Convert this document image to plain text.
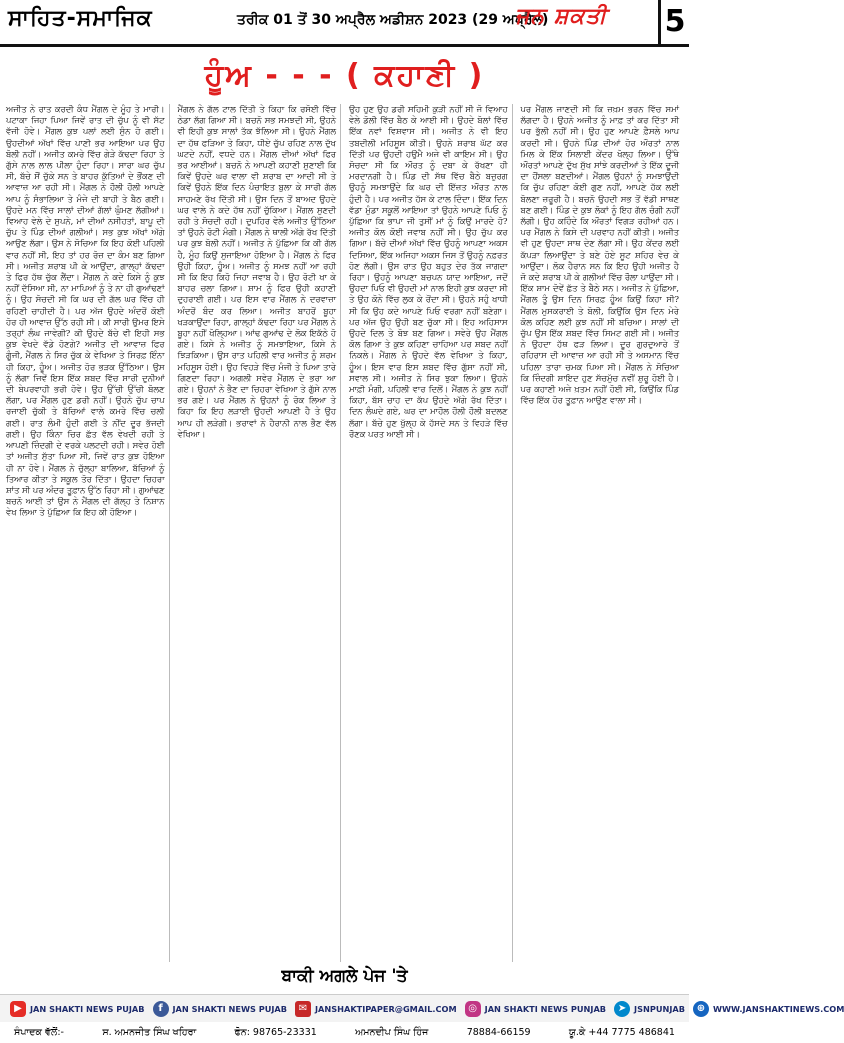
ਸਾਹਿਤ-ਸਮਾਜਿਕ	ਤਰੀਕ 01 ਤੋਂ 30 ਅਪ੍ਰੈਲ ਅਡੀਸ਼ਨ 2023 (29 ਅਪ੍ਰੈਲ)
ਜਨ ਸ਼ਕਤੀ 5
ਹੂੰਅ - - - ( ਕਹਾਣੀ )

ਅਜੀਤ ਨੇ ਰਾਤ ਕਰਦੀ ਕੰਧ ਮੈਂਗਲ ਦੇ ਮੂੰਹ ਤੇ ਮਾਰੀ। ਪਟਾਕਾ ਜਿਹਾ ਪਿਆ ਜਿਵੇਂ ਰਾਤ ਦੀ ਚੁੱਪ ਨੂੰ ਵੀ ਸੱਟ ਵੱਜੀ ਹੋਵੇ। ਮੈਂਗਲ ਕੁਝ ਪਲਾਂ ਲਈ ਸੁੰਨ ਹੋ ਗਈ। ਉਹਦੀਆਂ ਅੱਖਾਂ ਵਿੱਚ ਪਾਣੀ ਭਰ ਆਇਆ ਪਰ ਉਹ ਬੋਲੀ ਨਹੀਂ। ਅਜੀਤ ਕਮਰੇ ਵਿੱਚ ਗੇੜੇ ਕੱਢਦਾ ਰਿਹਾ ਤੇ ਗੁੱਸੇ ਨਾਲ ਲਾਲ ਪੀਲਾ ਹੁੰਦਾ ਰਿਹਾ। ਸਾਰਾ ਘਰ ਚੁੱਪ ਸੀ, ਬੱਚੇ ਸੌਂ ਚੁੱਕੇ ਸਨ ਤੇ ਬਾਹਰ ਕੁੱਤਿਆਂ ਦੇ ਭੌਂਕਣ ਦੀ ਆਵਾਜ਼ ਆ ਰਹੀ ਸੀ। ਮੈਂਗਲ ਨੇ ਹੌਲੀ ਹੌਲੀ ਆਪਣੇ ਆਪ ਨੂੰ ਸੰਭਾਲਿਆ ਤੇ ਮੰਜੇ ਦੀ ਬਾਹੀ ਤੇ ਬੈਠ ਗਈ। ਉਹਦੇ ਮਨ ਵਿੱਚ ਸਾਲਾਂ ਦੀਆਂ ਗੱਲਾਂ ਘੁੰਮਣ ਲੱਗੀਆਂ। ਵਿਆਹ ਵੇਲੇ ਦੇ ਸੁਪਨੇ, ਮਾਂ ਦੀਆਂ ਨਸੀਹਤਾਂ, ਬਾਪੂ ਦੀ ਚੁੱਪ ਤੇ ਪਿੰਡ ਦੀਆਂ ਗਲੀਆਂ। ਸਭ ਕੁਝ ਅੱਖਾਂ ਅੱਗੇ ਆਉਣ ਲੱਗਾ। ਉਸ ਨੇ ਸੋਚਿਆ ਕਿ ਇਹ ਕੋਈ ਪਹਿਲੀ ਵਾਰ ਨਹੀਂ ਸੀ, ਇਹ ਤਾਂ ਹਰ ਰੋਜ਼ ਦਾ ਕੰਮ ਬਣ ਗਿਆ ਸੀ। ਅਜੀਤ ਸ਼ਰਾਬ ਪੀ ਕੇ ਆਉਂਦਾ, ਗਾਲ੍ਹਾਂ ਕੱਢਦਾ ਤੇ ਫਿਰ ਹੱਥ ਚੁੱਕ ਲੈਂਦਾ। ਮੈਂਗਲ ਨੇ ਕਦੇ ਕਿਸੇ ਨੂੰ ਕੁਝ ਨਹੀਂ ਦੱਸਿਆ ਸੀ, ਨਾ ਮਾਪਿਆਂ ਨੂੰ ਤੇ ਨਾ ਹੀ ਗੁਆਂਢਣਾਂ ਨੂੰ। ਉਹ ਸੋਚਦੀ ਸੀ ਕਿ ਘਰ ਦੀ ਗੱਲ ਘਰ ਵਿੱਚ ਹੀ ਰਹਿਣੀ ਚਾਹੀਦੀ ਹੈ। ਪਰ ਅੱਜ ਉਹਦੇ ਅੰਦਰੋਂ ਕੋਈ ਹੋਰ ਹੀ ਆਵਾਜ਼ ਉੱਠ ਰਹੀ ਸੀ। ਕੀ ਸਾਰੀ ਉਮਰ ਇਸੇ ਤਰ੍ਹਾਂ ਲੰਘ ਜਾਵੇਗੀ? ਕੀ ਉਹਦੇ ਬੱਚੇ ਵੀ ਇਹੀ ਸਭ ਕੁਝ ਵੇਖਦੇ ਵੱਡੇ ਹੋਣਗੇ? ਅਜੀਤ ਦੀ ਆਵਾਜ਼ ਫਿਰ ਗੂੰਜੀ, ਮੈਂਗਲ ਨੇ ਸਿਰ ਚੁੱਕ ਕੇ ਵੇਖਿਆ ਤੇ ਸਿਰਫ਼ ਇੰਨਾ ਹੀ ਕਿਹਾ, ਹੂੰਅ। ਅਜੀਤ ਹੋਰ ਭੜਕ ਉੱਠਿਆ। ਉਸ ਨੂੰ ਲੱਗਾ ਜਿਵੇਂ ਇਸ ਇੱਕ ਸ਼ਬਦ ਵਿੱਚ ਸਾਰੀ ਦੁਨੀਆਂ ਦੀ ਬੇਪਰਵਾਹੀ ਭਰੀ ਹੋਵੇ। ਉਹ ਉੱਚੀ ਉੱਚੀ ਬੋਲਣ ਲੱਗਾ, ਪਰ ਮੈਂਗਲ ਹੁਣ ਡਰੀ ਨਹੀਂ। ਉਹਨੇ ਚੁੱਪ ਚਾਪ ਰਜਾਈ ਚੁੱਕੀ ਤੇ ਬੱਚਿਆਂ ਵਾਲੇ ਕਮਰੇ ਵਿੱਚ ਚਲੀ ਗਈ। ਰਾਤ ਲੰਮੀ ਹੁੰਦੀ ਗਈ ਤੇ ਨੀਂਦ ਦੂਰ ਭੱਜਦੀ ਗਈ। ਉਹ ਕਿੰਨਾ ਚਿਰ ਛੱਤ ਵੱਲ ਵੇਖਦੀ ਰਹੀ ਤੇ ਆਪਣੀ ਜ਼ਿੰਦਗੀ ਦੇ ਵਰਕੇ ਪਲਟਦੀ ਰਹੀ। ਸਵੇਰ ਹੋਈ ਤਾਂ ਅਜੀਤ ਸੁੱਤਾ ਪਿਆ ਸੀ, ਜਿਵੇਂ ਰਾਤ ਕੁਝ ਹੋਇਆ ਹੀ ਨਾ ਹੋਵੇ। ਮੈਂਗਲ ਨੇ ਚੁੱਲ੍ਹਾ ਬਾਲਿਆ, ਬੱਚਿਆਂ ਨੂੰ ਤਿਆਰ ਕੀਤਾ ਤੇ ਸਕੂਲ ਤੋਰ ਦਿੱਤਾ। ਉਹਦਾ ਚਿਹਰਾ ਸ਼ਾਂਤ ਸੀ ਪਰ ਅੰਦਰ ਤੂਫ਼ਾਨ ਉੱਠ ਰਿਹਾ ਸੀ। ਗੁਆਂਢਣ ਬਚਨੋ ਆਈ ਤਾਂ ਉਸ ਨੇ ਮੈਂਗਲ ਦੀ ਗੱਲ੍ਹ ਤੇ ਨਿਸ਼ਾਨ ਵੇਖ ਲਿਆ ਤੇ ਪੁੱਛਿਆ ਕਿ ਇਹ ਕੀ ਹੋਇਆ।

ਮੈਂਗਲ ਨੇ ਗੱਲ ਟਾਲ ਦਿੱਤੀ ਤੇ ਕਿਹਾ ਕਿ ਰਸੋਈ ਵਿੱਚ ਠੇਡਾ ਲੱਗ ਗਿਆ ਸੀ। ਬਚਨੋ ਸਭ ਸਮਝਦੀ ਸੀ, ਉਹਨੇ ਵੀ ਇਹੀ ਕੁਝ ਸਾਲਾਂ ਤੱਕ ਝੱਲਿਆ ਸੀ। ਉਹਨੇ ਮੈਂਗਲ ਦਾ ਹੱਥ ਫੜਿਆ ਤੇ ਕਿਹਾ, ਧੀਏ ਚੁੱਪ ਰਹਿਣ ਨਾਲ ਦੁੱਖ ਘਟਦੇ ਨਹੀਂ, ਵਧਦੇ ਹਨ। ਮੈਂਗਲ ਦੀਆਂ ਅੱਖਾਂ ਫਿਰ ਭਰ ਆਈਆਂ। ਬਚਨੋ ਨੇ ਆਪਣੀ ਕਹਾਣੀ ਸੁਣਾਈ ਕਿ ਕਿਵੇਂ ਉਹਦੇ ਘਰ ਵਾਲਾ ਵੀ ਸ਼ਰਾਬ ਦਾ ਆਦੀ ਸੀ ਤੇ ਕਿਵੇਂ ਉਹਨੇ ਇੱਕ ਦਿਨ ਪੰਚਾਇਤ ਬੁਲਾ ਕੇ ਸਾਰੀ ਗੱਲ ਸਾਹਮਣੇ ਰੱਖ ਦਿੱਤੀ ਸੀ। ਉਸ ਦਿਨ ਤੋਂ ਬਾਅਦ ਉਹਦੇ ਘਰ ਵਾਲੇ ਨੇ ਕਦੇ ਹੱਥ ਨਹੀਂ ਚੁੱਕਿਆ। ਮੈਂਗਲ ਸੁਣਦੀ ਰਹੀ ਤੇ ਸੋਚਦੀ ਰਹੀ। ਦੁਪਹਿਰ ਵੇਲੇ ਅਜੀਤ ਉੱਠਿਆ ਤਾਂ ਉਹਨੇ ਰੋਟੀ ਮੰਗੀ। ਮੈਂਗਲ ਨੇ ਥਾਲੀ ਅੱਗੇ ਰੱਖ ਦਿੱਤੀ ਪਰ ਕੁਝ ਬੋਲੀ ਨਹੀਂ। ਅਜੀਤ ਨੇ ਪੁੱਛਿਆ ਕਿ ਕੀ ਗੱਲ ਹੈ, ਮੂੰਹ ਕਿਉਂ ਸੁਜਾਇਆ ਹੋਇਆ ਹੈ। ਮੈਂਗਲ ਨੇ ਫਿਰ ਉਹੀ ਕਿਹਾ, ਹੂੰਅ। ਅਜੀਤ ਨੂੰ ਸਮਝ ਨਹੀਂ ਆ ਰਹੀ ਸੀ ਕਿ ਇਹ ਕਿਹੋ ਜਿਹਾ ਜਵਾਬ ਹੈ। ਉਹ ਰੋਟੀ ਖਾ ਕੇ ਬਾਹਰ ਚਲਾ ਗਿਆ। ਸ਼ਾਮ ਨੂੰ ਫਿਰ ਉਹੀ ਕਹਾਣੀ ਦੁਹਰਾਈ ਗਈ। ਪਰ ਇਸ ਵਾਰ ਮੈਂਗਲ ਨੇ ਦਰਵਾਜ਼ਾ ਅੰਦਰੋਂ ਬੰਦ ਕਰ ਲਿਆ। ਅਜੀਤ ਬਾਹਰੋਂ ਬੂਹਾ ਖੜਕਾਉਂਦਾ ਰਿਹਾ, ਗਾਲ੍ਹਾਂ ਕੱਢਦਾ ਰਿਹਾ ਪਰ ਮੈਂਗਲ ਨੇ ਬੂਹਾ ਨਹੀਂ ਖੋਲ੍ਹਿਆ। ਆਂਢ ਗੁਆਂਢ ਦੇ ਲੋਕ ਇਕੱਠੇ ਹੋ ਗਏ। ਕਿਸੇ ਨੇ ਅਜੀਤ ਨੂੰ ਸਮਝਾਇਆ, ਕਿਸੇ ਨੇ ਝਿੜਕਿਆ। ਉਸ ਰਾਤ ਪਹਿਲੀ ਵਾਰ ਅਜੀਤ ਨੂੰ ਸ਼ਰਮ ਮਹਿਸੂਸ ਹੋਈ। ਉਹ ਵਿਹੜੇ ਵਿੱਚ ਮੰਜੀ ਤੇ ਪਿਆ ਤਾਰੇ ਗਿਣਦਾ ਰਿਹਾ। ਅਗਲੀ ਸਵੇਰ ਮੈਂਗਲ ਦੇ ਭਰਾ ਆ ਗਏ। ਉਹਨਾਂ ਨੇ ਭੈਣ ਦਾ ਚਿਹਰਾ ਵੇਖਿਆ ਤੇ ਗੁੱਸੇ ਨਾਲ ਭਰ ਗਏ। ਪਰ ਮੈਂਗਲ ਨੇ ਉਹਨਾਂ ਨੂੰ ਰੋਕ ਲਿਆ ਤੇ ਕਿਹਾ ਕਿ ਇਹ ਲੜਾਈ ਉਹਦੀ ਆਪਣੀ ਹੈ ਤੇ ਉਹ ਆਪ ਹੀ ਲੜੇਗੀ। ਭਰਾਵਾਂ ਨੇ ਹੈਰਾਨੀ ਨਾਲ ਭੈਣ ਵੱਲ ਵੇਖਿਆ।

ਉਹ ਹੁਣ ਉਹ ਡਰੀ ਸਹਿਮੀ ਕੁੜੀ ਨਹੀਂ ਸੀ ਜੋ ਵਿਆਹ ਵੇਲੇ ਡੋਲੀ ਵਿੱਚ ਬੈਠ ਕੇ ਆਈ ਸੀ। ਉਹਦੇ ਬੋਲਾਂ ਵਿੱਚ ਇੱਕ ਨਵਾਂ ਵਿਸ਼ਵਾਸ ਸੀ। ਅਜੀਤ ਨੇ ਵੀ ਇਹ ਤਬਦੀਲੀ ਮਹਿਸੂਸ ਕੀਤੀ। ਉਹਨੇ ਸ਼ਰਾਬ ਘੱਟ ਕਰ ਦਿੱਤੀ ਪਰ ਉਹਦੀ ਹਉਮੈ ਅਜੇ ਵੀ ਕਾਇਮ ਸੀ। ਉਹ ਸੋਚਦਾ ਸੀ ਕਿ ਔਰਤ ਨੂੰ ਦਬਾ ਕੇ ਰੱਖਣਾ ਹੀ ਮਰਦਾਨਗੀ ਹੈ। ਪਿੰਡ ਦੀ ਸੱਥ ਵਿੱਚ ਬੈਠੇ ਬਜ਼ੁਰਗ ਉਹਨੂੰ ਸਮਝਾਉਂਦੇ ਕਿ ਘਰ ਦੀ ਇੱਜ਼ਤ ਔਰਤ ਨਾਲ ਹੁੰਦੀ ਹੈ। ਪਰ ਅਜੀਤ ਹੱਸ ਕੇ ਟਾਲ ਦਿੰਦਾ। ਇੱਕ ਦਿਨ ਵੱਡਾ ਮੁੰਡਾ ਸਕੂਲੋਂ ਆਇਆ ਤਾਂ ਉਹਨੇ ਆਪਣੇ ਪਿਓ ਨੂੰ ਪੁੱਛਿਆ ਕਿ ਭਾਪਾ ਜੀ ਤੁਸੀਂ ਮਾਂ ਨੂੰ ਕਿਉਂ ਮਾਰਦੇ ਹੋ? ਅਜੀਤ ਕੋਲ ਕੋਈ ਜਵਾਬ ਨਹੀਂ ਸੀ। ਉਹ ਚੁੱਪ ਕਰ ਗਿਆ। ਬੱਚੇ ਦੀਆਂ ਅੱਖਾਂ ਵਿੱਚ ਉਹਨੂੰ ਆਪਣਾ ਅਕਸ ਦਿਸਿਆ, ਇੱਕ ਅਜਿਹਾ ਅਕਸ ਜਿਸ ਤੋਂ ਉਹਨੂੰ ਨਫ਼ਰਤ ਹੋਣ ਲੱਗੀ। ਉਸ ਰਾਤ ਉਹ ਬਹੁਤ ਦੇਰ ਤੱਕ ਜਾਗਦਾ ਰਿਹਾ। ਉਹਨੂੰ ਆਪਣਾ ਬਚਪਨ ਯਾਦ ਆਇਆ, ਜਦੋਂ ਉਹਦਾ ਪਿਓ ਵੀ ਉਹਦੀ ਮਾਂ ਨਾਲ ਇਹੀ ਕੁਝ ਕਰਦਾ ਸੀ ਤੇ ਉਹ ਕੋਨੇ ਵਿੱਚ ਲੁਕ ਕੇ ਰੋਂਦਾ ਸੀ। ਉਹਨੇ ਸਹੁੰ ਖਾਧੀ ਸੀ ਕਿ ਉਹ ਕਦੇ ਆਪਣੇ ਪਿਓ ਵਰਗਾ ਨਹੀਂ ਬਣੇਗਾ। ਪਰ ਅੱਜ ਉਹ ਉਹੀ ਬਣ ਚੁੱਕਾ ਸੀ। ਇਹ ਅਹਿਸਾਸ ਉਹਦੇ ਦਿਲ ਤੇ ਬੋਝ ਬਣ ਗਿਆ। ਸਵੇਰੇ ਉਹ ਮੈਂਗਲ ਕੋਲ ਗਿਆ ਤੇ ਕੁਝ ਕਹਿਣਾ ਚਾਹਿਆ ਪਰ ਸ਼ਬਦ ਨਹੀਂ ਨਿਕਲੇ। ਮੈਂਗਲ ਨੇ ਉਹਦੇ ਵੱਲ ਵੇਖਿਆ ਤੇ ਕਿਹਾ, ਹੂੰਅ। ਇਸ ਵਾਰ ਇਸ ਸ਼ਬਦ ਵਿੱਚ ਗੁੱਸਾ ਨਹੀਂ ਸੀ, ਸਵਾਲ ਸੀ। ਅਜੀਤ ਨੇ ਸਿਰ ਝੁਕਾ ਲਿਆ। ਉਹਨੇ ਮਾਫ਼ੀ ਮੰਗੀ, ਪਹਿਲੀ ਵਾਰ ਦਿਲੋਂ। ਮੈਂਗਲ ਨੇ ਕੁਝ ਨਹੀਂ ਕਿਹਾ, ਬੱਸ ਚਾਹ ਦਾ ਕੱਪ ਉਹਦੇ ਅੱਗੇ ਰੱਖ ਦਿੱਤਾ। ਦਿਨ ਲੰਘਦੇ ਗਏ, ਘਰ ਦਾ ਮਾਹੌਲ ਹੌਲੀ ਹੌਲੀ ਬਦਲਣ ਲੱਗਾ। ਬੱਚੇ ਹੁਣ ਖੁੱਲ੍ਹ ਕੇ ਹੱਸਦੇ ਸਨ ਤੇ ਵਿਹੜੇ ਵਿੱਚ ਰੌਣਕ ਪਰਤ ਆਈ ਸੀ।

ਪਰ ਮੈਂਗਲ ਜਾਣਦੀ ਸੀ ਕਿ ਜ਼ਖ਼ਮ ਭਰਨ ਵਿੱਚ ਸਮਾਂ ਲੱਗਦਾ ਹੈ। ਉਹਨੇ ਅਜੀਤ ਨੂੰ ਮਾਫ਼ ਤਾਂ ਕਰ ਦਿੱਤਾ ਸੀ ਪਰ ਭੁੱਲੀ ਨਹੀਂ ਸੀ। ਉਹ ਹੁਣ ਆਪਣੇ ਫ਼ੈਸਲੇ ਆਪ ਕਰਦੀ ਸੀ। ਉਹਨੇ ਪਿੰਡ ਦੀਆਂ ਹੋਰ ਔਰਤਾਂ ਨਾਲ ਮਿਲ ਕੇ ਇੱਕ ਸਿਲਾਈ ਕੇਂਦਰ ਖੋਲ੍ਹ ਲਿਆ। ਉੱਥੇ ਔਰਤਾਂ ਆਪਣੇ ਦੁੱਖ ਸੁੱਖ ਸਾਂਝੇ ਕਰਦੀਆਂ ਤੇ ਇੱਕ ਦੂਜੀ ਦਾ ਹੌਂਸਲਾ ਬਣਦੀਆਂ। ਮੈਂਗਲ ਉਹਨਾਂ ਨੂੰ ਸਮਝਾਉਂਦੀ ਕਿ ਚੁੱਪ ਰਹਿਣਾ ਕੋਈ ਗੁਣ ਨਹੀਂ, ਆਪਣੇ ਹੱਕ ਲਈ ਬੋਲਣਾ ਜ਼ਰੂਰੀ ਹੈ। ਬਚਨੋ ਉਹਦੀ ਸਭ ਤੋਂ ਵੱਡੀ ਸਾਥਣ ਬਣ ਗਈ। ਪਿੰਡ ਦੇ ਕੁਝ ਲੋਕਾਂ ਨੂੰ ਇਹ ਗੱਲ ਚੰਗੀ ਨਹੀਂ ਲੱਗੀ। ਉਹ ਕਹਿੰਦੇ ਕਿ ਔਰਤਾਂ ਵਿਗੜ ਰਹੀਆਂ ਹਨ। ਪਰ ਮੈਂਗਲ ਨੇ ਕਿਸੇ ਦੀ ਪਰਵਾਹ ਨਹੀਂ ਕੀਤੀ। ਅਜੀਤ ਵੀ ਹੁਣ ਉਹਦਾ ਸਾਥ ਦੇਣ ਲੱਗਾ ਸੀ। ਉਹ ਕੇਂਦਰ ਲਈ ਕੱਪੜਾ ਲਿਆਉਂਦਾ ਤੇ ਬਣੇ ਹੋਏ ਸੂਟ ਸ਼ਹਿਰ ਵੇਚ ਕੇ ਆਉਂਦਾ। ਲੋਕ ਹੈਰਾਨ ਸਨ ਕਿ ਇਹ ਉਹੀ ਅਜੀਤ ਹੈ ਜੋ ਕਦੇ ਸ਼ਰਾਬ ਪੀ ਕੇ ਗਲੀਆਂ ਵਿੱਚ ਰੌਲਾ ਪਾਉਂਦਾ ਸੀ। ਇੱਕ ਸ਼ਾਮ ਦੋਵੇਂ ਛੱਤ ਤੇ ਬੈਠੇ ਸਨ। ਅਜੀਤ ਨੇ ਪੁੱਛਿਆ, ਮੈਂਗਲ ਤੂੰ ਉਸ ਦਿਨ ਸਿਰਫ਼ ਹੂੰਅ ਕਿਉਂ ਕਿਹਾ ਸੀ? ਮੈਂਗਲ ਮੁਸਕਰਾਈ ਤੇ ਬੋਲੀ, ਕਿਉਂਕਿ ਉਸ ਦਿਨ ਮੇਰੇ ਕੋਲ ਕਹਿਣ ਲਈ ਕੁਝ ਨਹੀਂ ਸੀ ਬਚਿਆ। ਸਾਲਾਂ ਦੀ ਚੁੱਪ ਉਸ ਇੱਕ ਸ਼ਬਦ ਵਿੱਚ ਸਿਮਟ ਗਈ ਸੀ। ਅਜੀਤ ਨੇ ਉਹਦਾ ਹੱਥ ਫੜ ਲਿਆ। ਦੂਰ ਗੁਰਦੁਆਰੇ ਤੋਂ ਰਹਿਰਾਸ ਦੀ ਆਵਾਜ਼ ਆ ਰਹੀ ਸੀ ਤੇ ਅਸਮਾਨ ਵਿੱਚ ਪਹਿਲਾ ਤਾਰਾ ਚਮਕ ਪਿਆ ਸੀ। ਮੈਂਗਲ ਨੇ ਸੋਚਿਆ ਕਿ ਜ਼ਿੰਦਗੀ ਸ਼ਾਇਦ ਹੁਣ ਸੱਚਮੁੱਚ ਨਵੀਂ ਸ਼ੁਰੂ ਹੋਈ ਹੈ। ਪਰ ਕਹਾਣੀ ਅਜੇ ਖ਼ਤਮ ਨਹੀਂ ਹੋਈ ਸੀ, ਕਿਉਂਕਿ ਪਿੰਡ ਵਿੱਚ ਇੱਕ ਹੋਰ ਤੂਫ਼ਾਨ ਆਉਣ ਵਾਲਾ ਸੀ।

ਬਾਕੀ ਅਗਲੇ ਪੇਜ 'ਤੇ
▶ JAN SHAKTI NEWS PUJAB	f	JAN SHAKTI NEWS PUJAB	✉ JANSHAKTIPAPER@GMAIL.COM	◎ JAN SHAKTI NEWS PUNJAB	➤ JSNPUNJAB	⊕ WWW.JANSHAKTINEWS.COM
ਸੰਪਾਦਕ ਵੱਲੋਂ:-	ਸ. ਅਮਨਜੀਤ ਸਿੰਘ ਖਹਿਰਾ	ਫੋਨ: 98765-23331	ਅਮਨਦੀਪ ਸਿੰਘ ਹਿੰਜ	78884-66159	ਯੂ.ਕੇ +44 7775 486841
